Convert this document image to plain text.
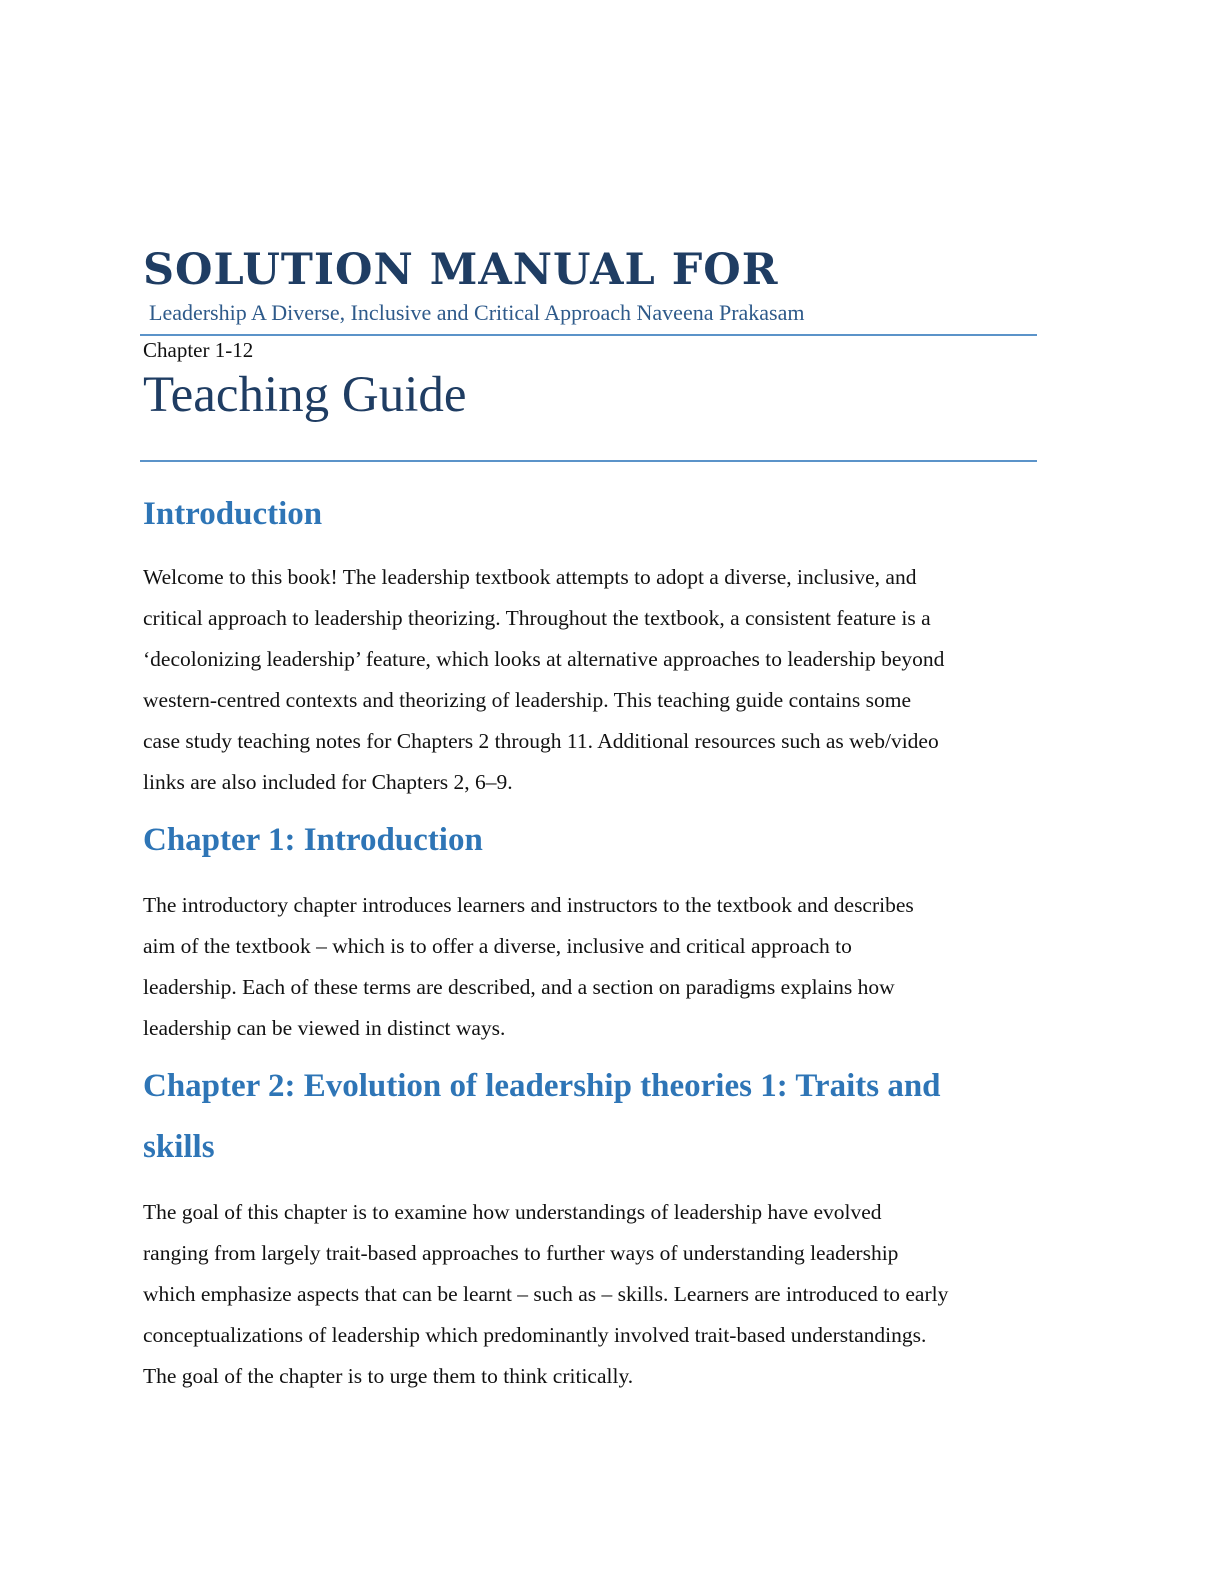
SOLUTION MANUAL FOR
Leadership A Diverse, Inclusive and Critical Approach Naveena Prakasam
Chapter 1-12
Teaching Guide
Introduction

Welcome to this book! The leadership textbook attempts to adopt a diverse, inclusive, and
critical approach to leadership theorizing. Throughout the textbook, a consistent feature is a
‘decolonizing leadership’ feature, which looks at alternative approaches to leadership beyond
western-centred contexts and theorizing of leadership. This teaching guide contains some
case study teaching notes for Chapters 2 through 11. Additional resources such as web/video
links are also included for Chapters 2, 6–9.

Chapter 1: Introduction

The introductory chapter introduces learners and instructors to the textbook and describes
aim of the textbook – which is to offer a diverse, inclusive and critical approach to
leadership. Each of these terms are described, and a section on paradigms explains how
leadership can be viewed in distinct ways.

Chapter 2: Evolution of leadership theories 1: Traits and
skills

The goal of this chapter is to examine how understandings of leadership have evolved
ranging from largely trait-based approaches to further ways of understanding leadership
which emphasize aspects that can be learnt – such as – skills. Learners are introduced to early
conceptualizations of leadership which predominantly involved trait-based understandings.
The goal of the chapter is to urge them to think critically.
